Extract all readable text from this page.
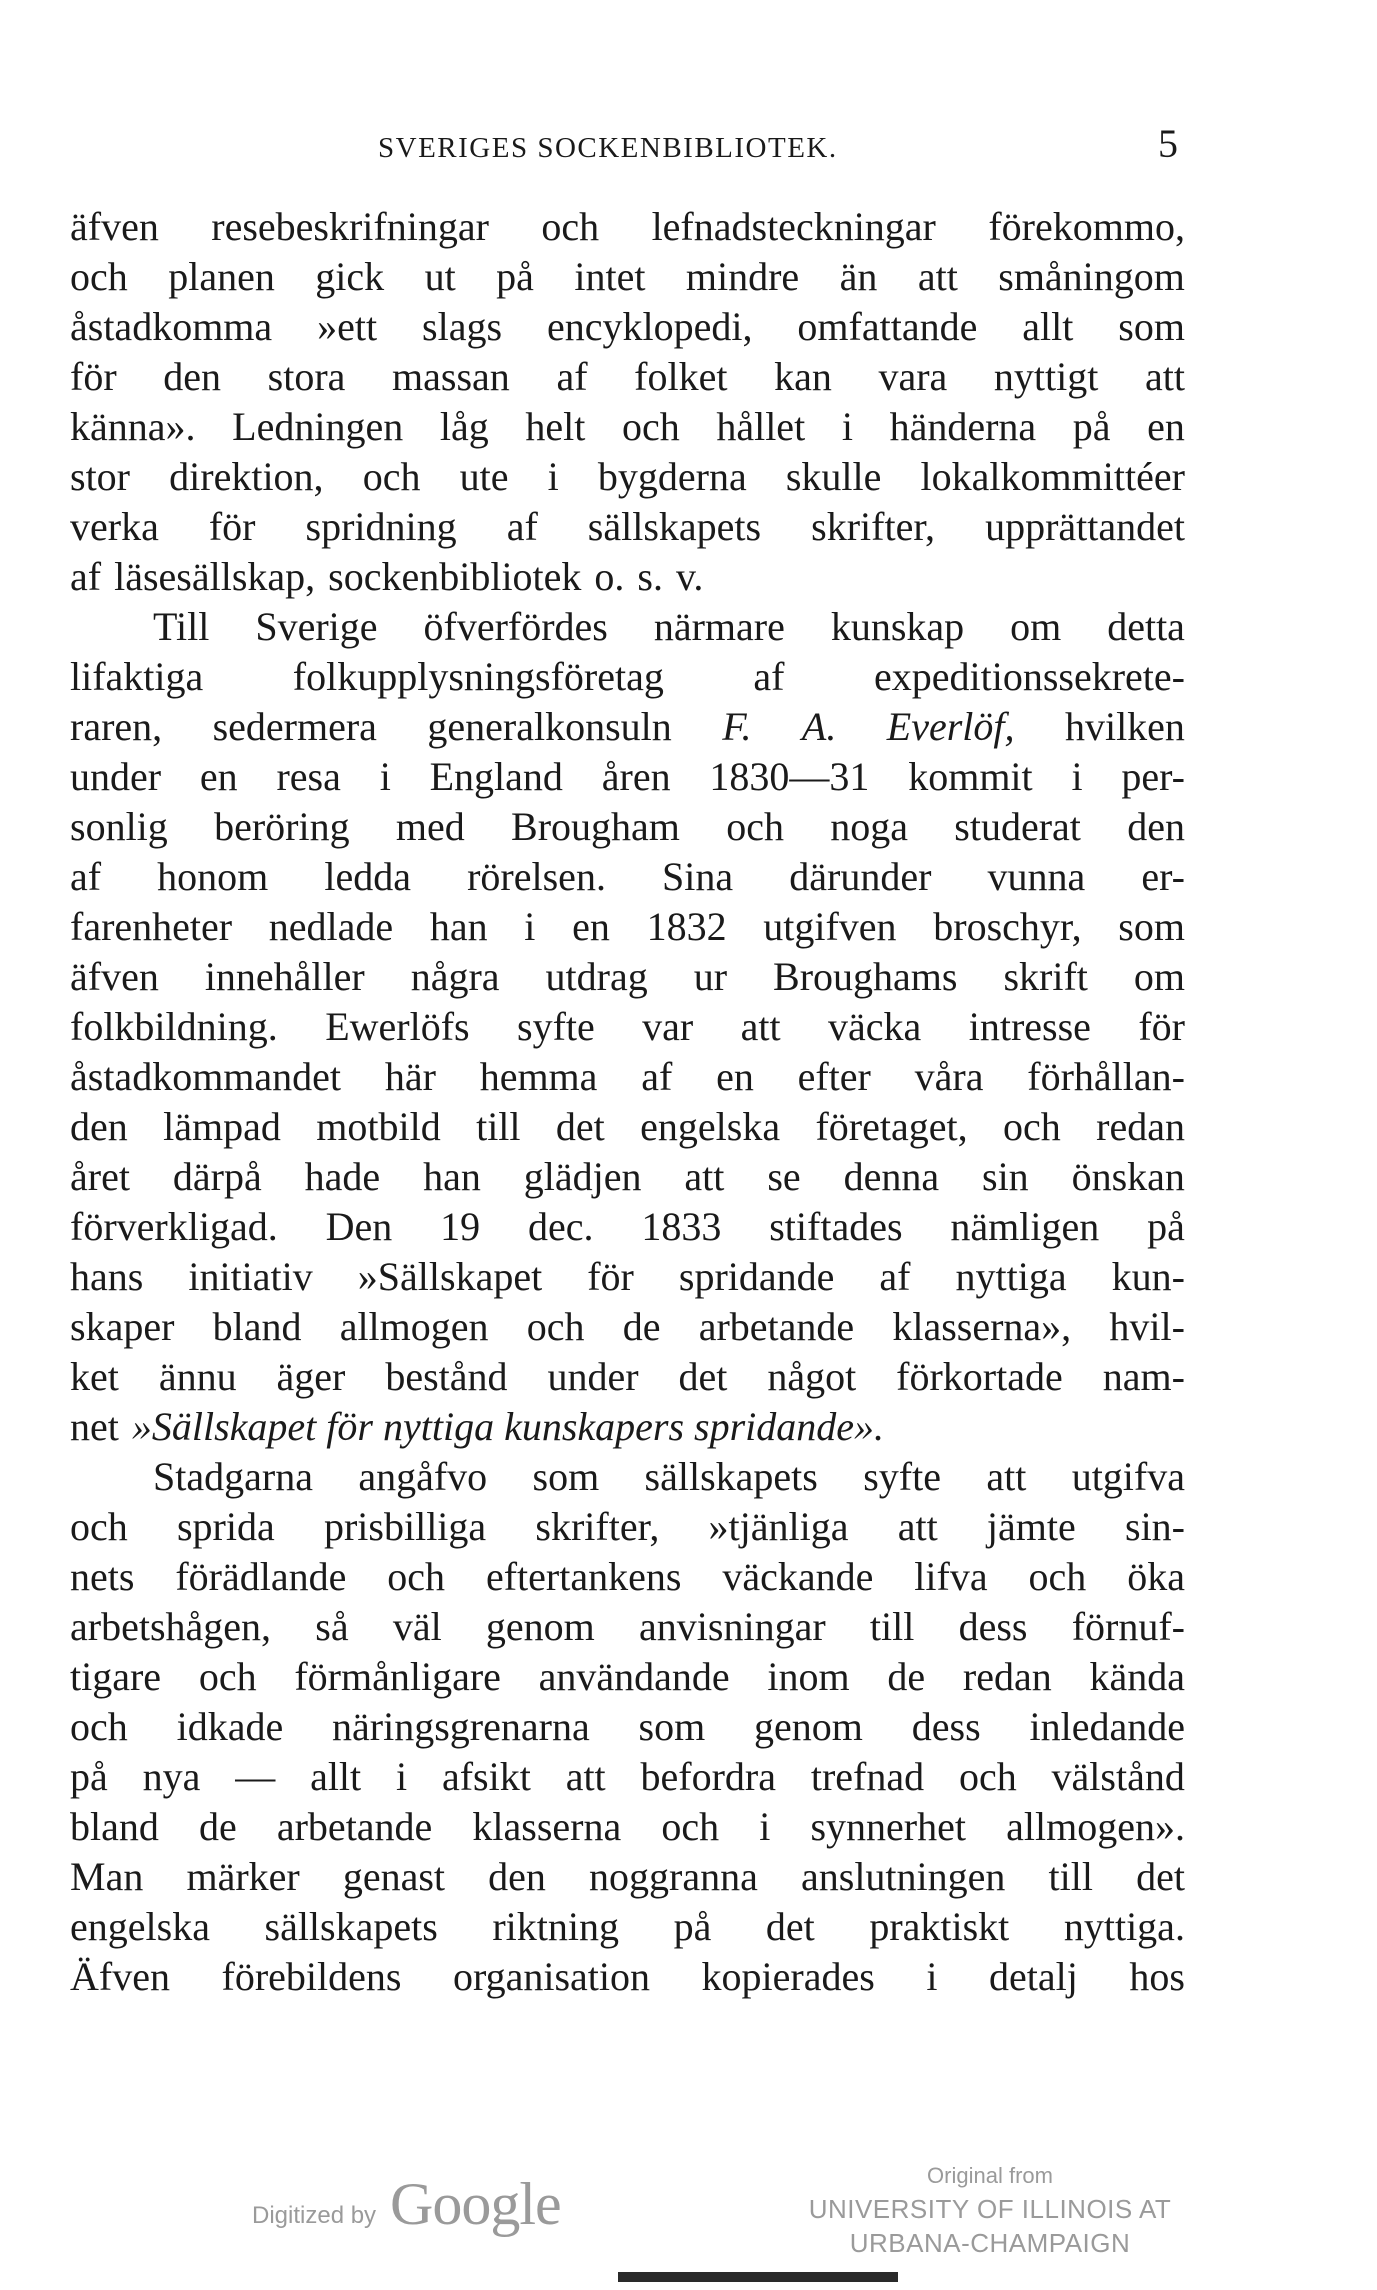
SVERIGES SOCKENBIBLIOTEK.	5
äfven resebeskrifningar och lefnadsteckningar förekommo,
och planen gick ut på intet mindre än att småningom
åstadkomma »ett slags encyklopedi, omfattande allt som
för den stora massan af folket kan vara nyttigt att
känna». Ledningen låg helt och hållet i händerna på en
stor direktion, och ute i bygderna skulle lokalkommittéer
verka för spridning af sällskapets skrifter, upprättandet
af läsesällskap, sockenbibliotek o. s. v.
Till Sverige öfverfördes närmare kunskap om detta
lifaktiga folkupplysningsföretag af expeditionssekrete-
raren, sedermera generalkonsuln F. A. Everlöf, hvilken
under en resa i England åren 1830—31 kommit i per-
sonlig beröring med Brougham och noga studerat den
af honom ledda rörelsen. Sina därunder vunna er-
farenheter nedlade han i en 1832 utgifven broschyr, som
äfven innehåller några utdrag ur Broughams skrift om
folkbildning. Ewerlöfs syfte var att väcka intresse för
åstadkommandet här hemma af en efter våra förhållan-
den lämpad motbild till det engelska företaget, och redan
året därpå hade han glädjen att se denna sin önskan
förverkligad. Den 19 dec. 1833 stiftades nämligen på
hans initiativ »Sällskapet för spridande af nyttiga kun-
skaper bland allmogen och de arbetande klasserna», hvil-
ket ännu äger bestånd under det något förkortade nam-
net »Sällskapet för nyttiga kunskapers spridande».
Stadgarna angåfvo som sällskapets syfte att utgifva
och sprida prisbilliga skrifter, »tjänliga att jämte sin-
nets förädlande och eftertankens väckande lifva och öka
arbetshågen, så väl genom anvisningar till dess förnuf-
tigare och förmånligare användande inom de redan kända
och idkade näringsgrenarna som genom dess inledande
på nya — allt i afsikt att befordra trefnad och välstånd
bland de arbetande klasserna och i synnerhet allmogen».
Man märker genast den noggranna anslutningen till det
engelska sällskapets riktning på det praktiskt nyttiga.
Äfven förebildens organisation kopierades i detalj hos
Digitized by Google	Original from
UNIVERSITY OF ILLINOIS AT
URBANA-CHAMPAIGN
